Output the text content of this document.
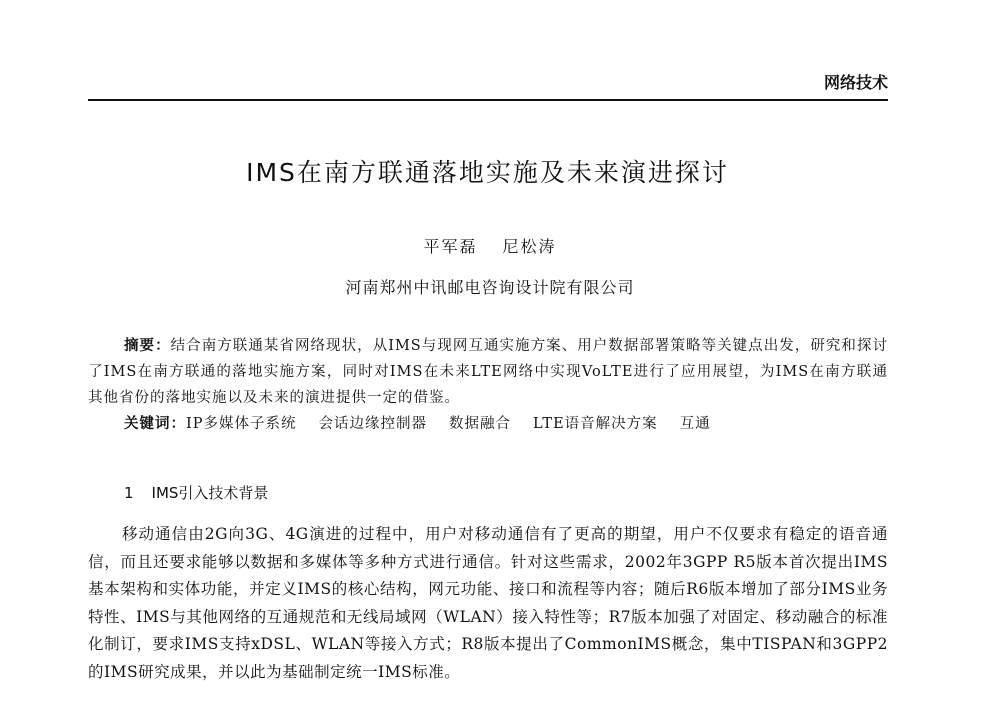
网络技术
IMS在南方联通落地实施及未来演进探讨
平军磊 尼松涛
河南郑州中讯邮电咨询设计院有限公司

摘要：结合南方联通某省网络现状，从IMS与现网互通实施方案、用户数据部署策略等关键点出发，研究和探讨了IMS在南方联通的落地实施方案，同时对IMS在未来LTE网络中实现VoLTE进行了应用展望，为IMS在南方联通其他省份的落地实施以及未来的演进提供一定的借鉴。

关键词：IP多媒体子系统 会话边缘控制器 数据融合 LTE语音解决方案 互通

1 IMS引入技术背景

移动通信由2G向3G、4G演进的过程中，用户对移动通信有了更高的期望，用户不仅要求有稳定的语音通信，而且还要求能够以数据和多媒体等多种方式进行通信。针对这些需求，2002年3GPP R5版本首次提出IMS基本架构和实体功能，并定义IMS的核心结构，网元功能、接口和流程等内容；随后R6版本增加了部分IMS业务特性、IMS与其他网络的互通规范和无线局域网（WLAN）接入特性等；R7版本加强了对固定、移动融合的标准化制订，要求IMS支持xDSL、WLAN等接入方式；R8版本提出了CommonIMS概念，集中TISPAN和3GPP2的IMS研究成果，并以此为基础制定统一IMS标准。
